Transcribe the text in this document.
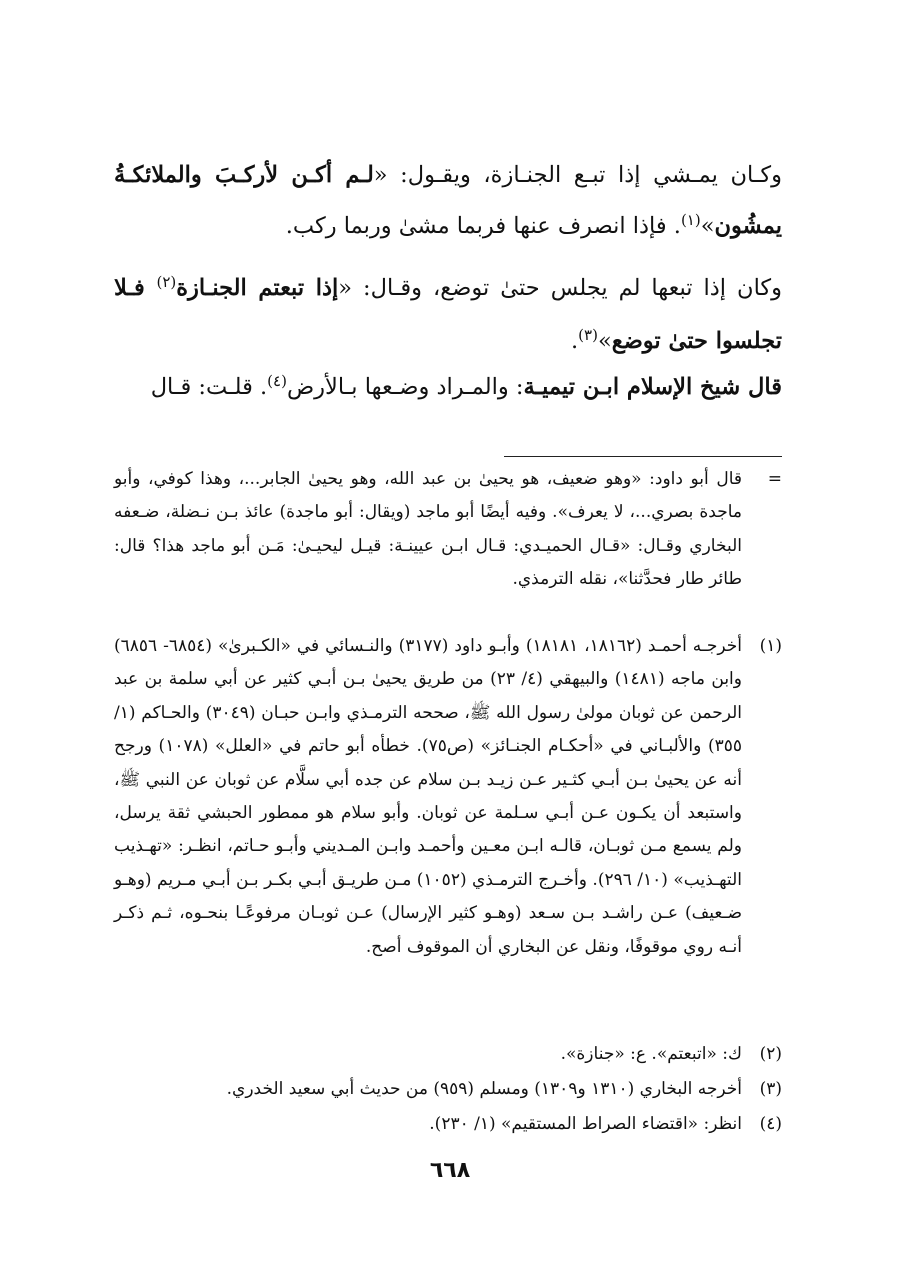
وكـان يمـشي إذا تبـع الجنـازة، ويقـول: «لـم أكـن لأركـبَ والملائكـةُ يمشُون»$^{(١)}$. فإذا انصرف عنها فربما مشىٰ وربما ركب.

وكان إذا تبعها لم يجلس حتىٰ توضع، وقـال: «إذا تبعتم الجنـازة$^{(٢)}$ فـلا تجلسوا حتىٰ توضع»$^{(٣)}$.

قال شيخ الإسلام ابـن تيميـة: والمـراد وضـعها بـالأرض$^{(٤)}$. قلـت: قـال

=

قال أبو داود: «وهو ضعيف، هو يحيىٰ بن عبد الله، وهو يحيىٰ الجابر...، وهذا كوفي، وأبو ماجدة بصري...، لا يعرف». وفيه أيضًا أبو ماجد (ويقال: أبو ماجدة) عائذ بـن نـضلة، ضـعفه البخاري وقـال: «قـال الحميـدي: قـال ابـن عيينـة: قيـل ليحيـىٰ: مَـن أبو ماجد هذا؟ قال: طائر طار فحدَّثنا»، نقله الترمذي.

(١)

أخرجـه أحمـد (١٨١٦٢، ١٨١٨١) وأبـو داود (٣١٧٧) والنـسائي في «الكـبرىٰ» (٦٨٥٤- ٦٨٥٦) وابن ماجه (١٤٨١) والبيهقي (٤/ ٢٣) من طريق يحيىٰ بـن أبـي كثير عن أبي سلمة بن عبد الرحمن عن ثوبان مولىٰ رسول الله ﷺ، صححه الترمـذي وابـن حبـان (٣٠٤٩) والحـاكم (١/ ٣٥٥) والألبـاني في «أحكـام الجنـائز» (ص٧٥). خطأه أبو حاتم في «العلل» (١٠٧٨) ورجح أنه عن يحيىٰ بـن أبـي كثـير عـن زيـد بـن سلام عن جده أبي سلَّام عن ثوبان عن النبي ﷺ، واستبعد أن يكـون عـن أبـي سـلمة عن ثوبان. وأبو سلام هو ممطور الحبشي ثقة يرسل، ولم يسمع مـن ثوبـان، قالـه ابـن معـين وأحمـد وابـن المـديني وأبـو حـاتم، انظـر: «تهـذيب التهـذيب» (١٠/ ٢٩٦). وأخـرج الترمـذي (١٠٥٢) مـن طريـق أبـي بكـر بـن أبـي مـريم (وهـو ضـعيف) عـن راشـد بـن سـعد (وهـو كثير الإرسال) عـن ثوبـان مرفوعًـا بنحـوه، ثـم ذكـر أنـه روي موقوفًا، ونقل عن البخاري أن الموقوف أصح.

(٢)

ك: «اتبعتم». ع: «جنازة».

(٣)

أخرجه البخاري (١٣١٠ و١٣٠٩) ومسلم (٩٥٩) من حديث أبي سعيد الخدري.

(٤)

انظر: «اقتضاء الصراط المستقيم» (١/ ٢٣٠).

٦٦٨
